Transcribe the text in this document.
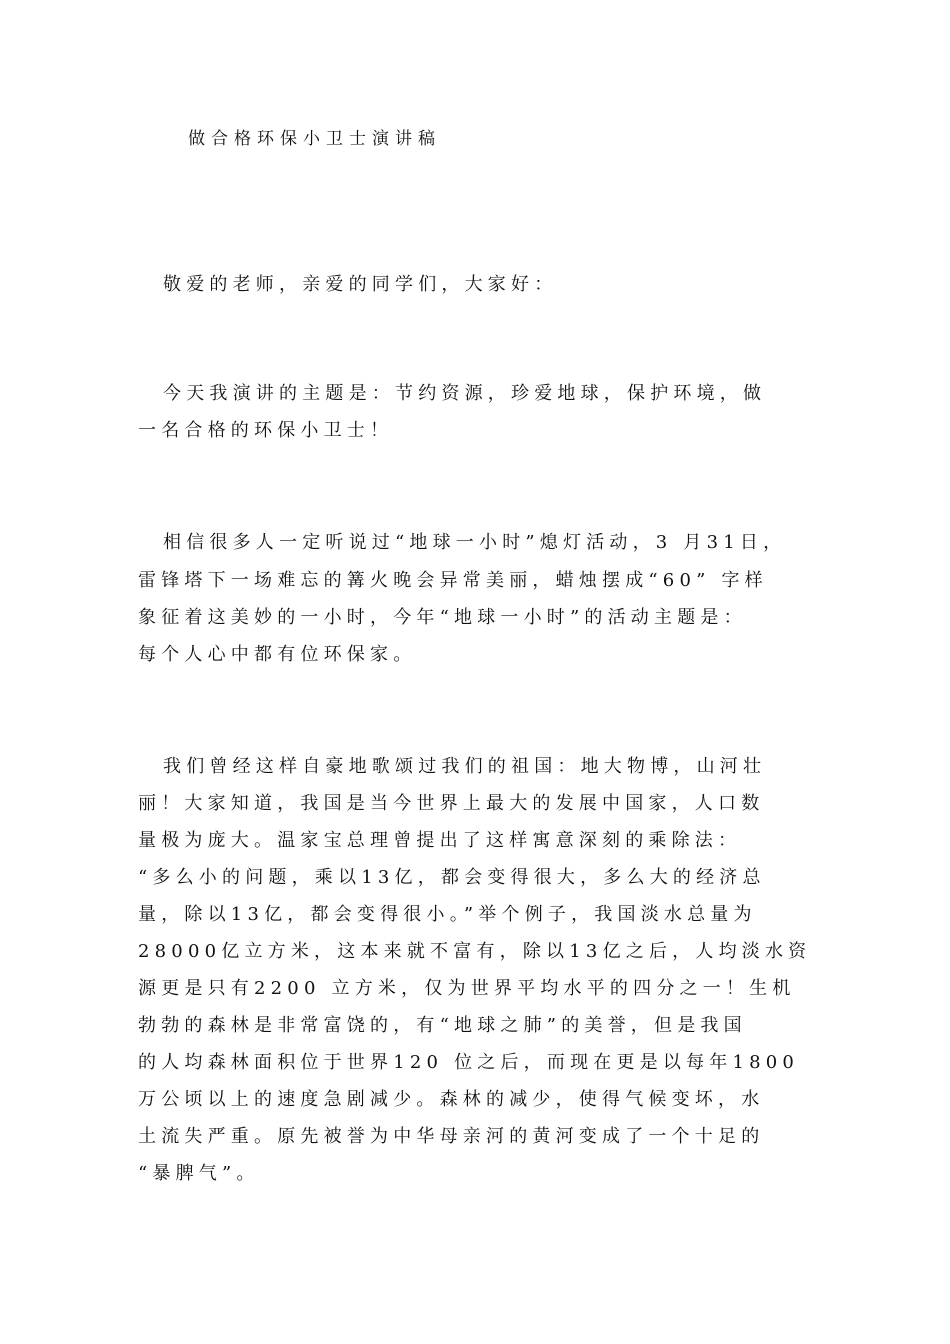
做合格环保小卫士演讲稿
敬爱的老师，亲爱的同学们，大家好：
今天我演讲的主题是：节约资源，珍爱地球，保护环境，做
一名合格的环保小卫士！
相信很多人一定听说过“地球一小时”熄灯活动，3 月31日，
雷锋塔下一场难忘的篝火晚会异常美丽，蜡烛摆成“60” 字样
象征着这美妙的一小时，今年“地球一小时”的活动主题是：
每个人心中都有位环保家。
我们曾经这样自豪地歌颂过我们的祖国：地大物博，山河壮
丽！大家知道，我国是当今世界上最大的发展中国家，人口数
量极为庞大。温家宝总理曾提出了这样寓意深刻的乘除法：
“多么小的问题，乘以13亿，都会变得很大，多么大的经济总
量，除以13亿，都会变得很小。”举个例子，我国淡水总量为
28000亿立方米，这本来就不富有，除以13亿之后，人均淡水资
源更是只有2200 立方米，仅为世界平均水平的四分之一！生机
勃勃的森林是非常富饶的，有“地球之肺”的美誉，但是我国
的人均森林面积位于世界120 位之后，而现在更是以每年1800
万公顷以上的速度急剧减少。森林的减少，使得气候变坏，水
土流失严重。原先被誉为中华母亲河的黄河变成了一个十足的
“暴脾气”。
